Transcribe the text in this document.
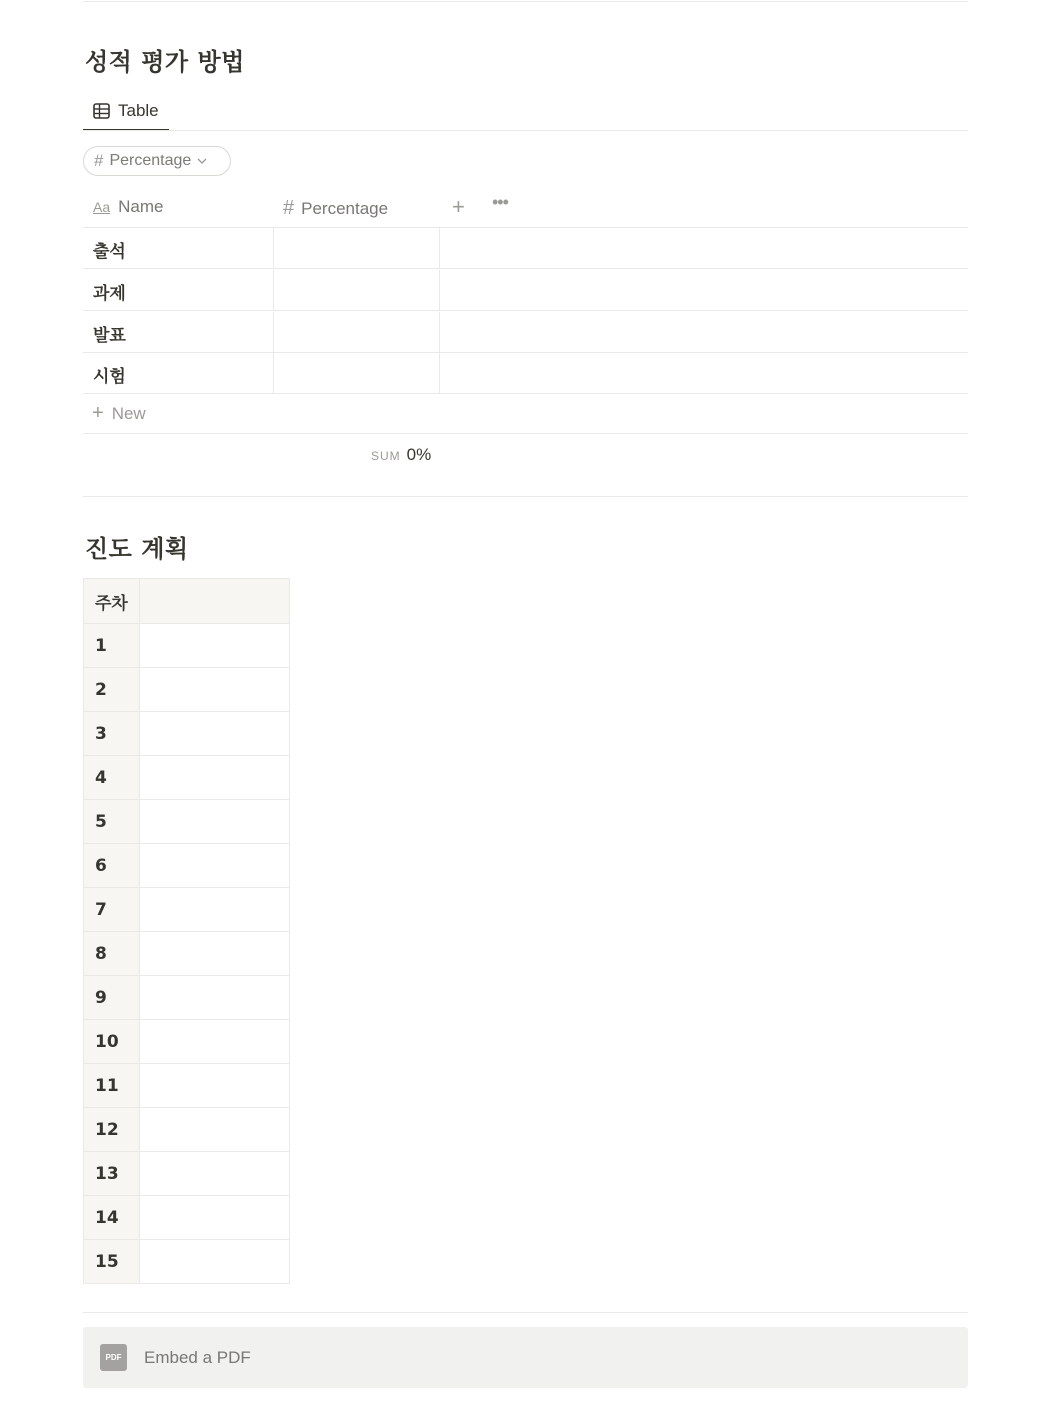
성적 평가 방법
Table
# Percentage
Aa Name	# Percentage	+ •••
출석
과제
발표
시험
+ New
SUM 0%
진도 계획
주차	
1	
2	
3	
4	
5	
6	
7	
8	
9	
10	
11	
12	
13	
14	
15	
PDF	Embed a PDF
